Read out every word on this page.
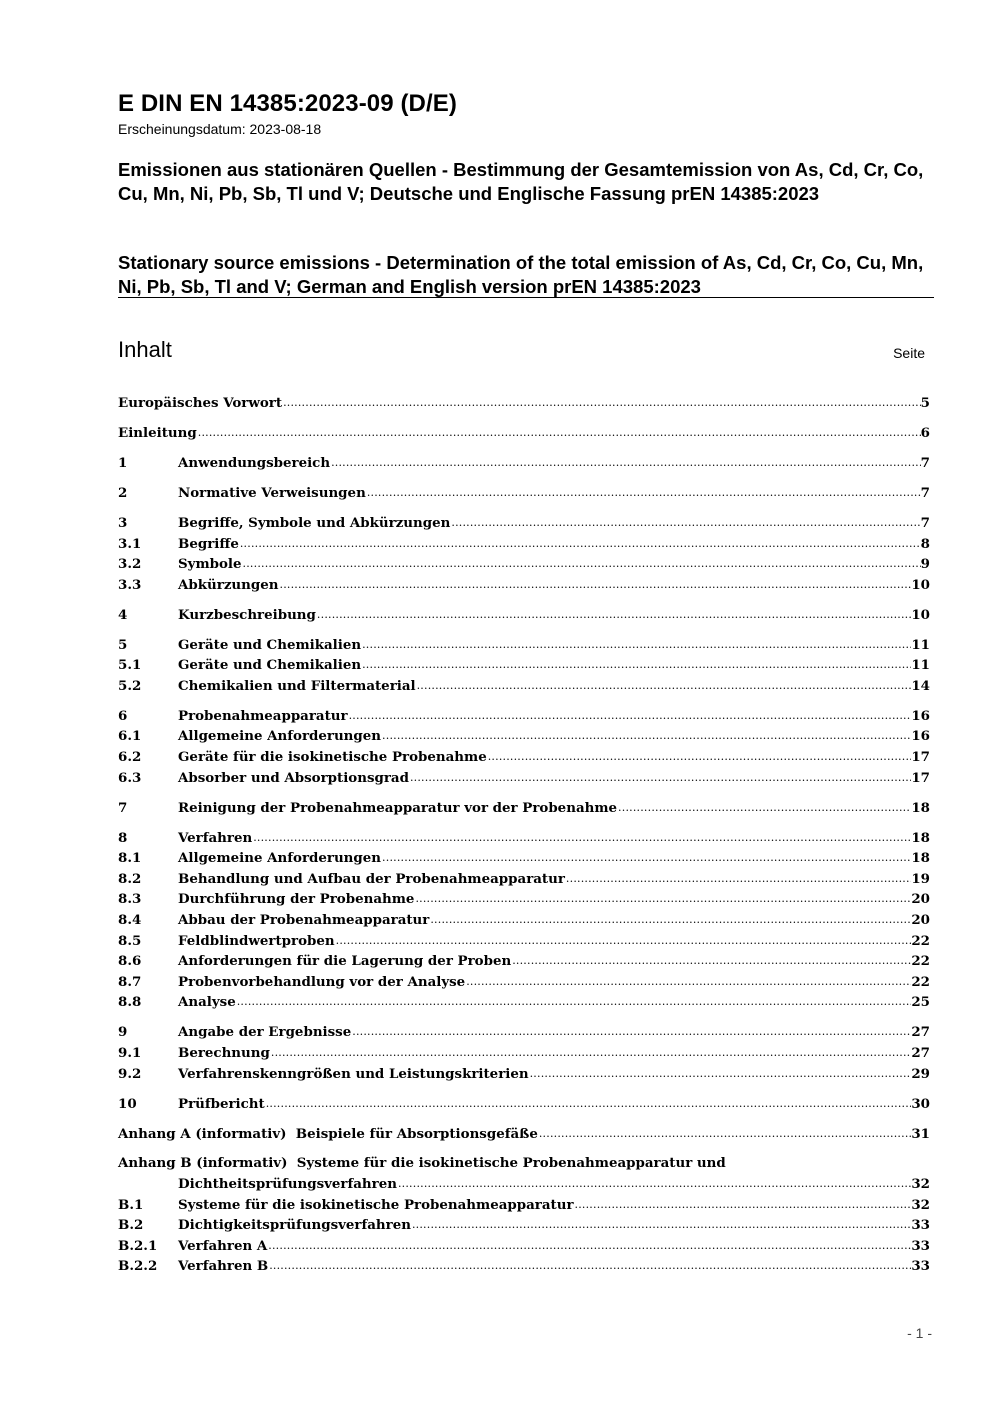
E DIN EN 14385:2023-09 (D/E)
Erscheinungsdatum: 2023-08-18
Emissionen aus stationären Quellen - Bestimmung der Gesamtemission von As, Cd, Cr, Co, Cu, Mn, Ni, Pb, Sb, Tl und V; Deutsche und Englische Fassung prEN 14385:2023
Stationary source emissions - Determination of the total emission of As, Cd, Cr, Co, Cu, Mn, Ni, Pb, Sb, Tl and V; German and English version prEN 14385:2023
Inhalt	Seite
Europäisches Vorwort .....	5
Einleitung .....	6
1	Anwendungsbereich .....	7
2	Normative Verweisungen .....	7
3	Begriffe, Symbole und Abkürzungen .....	7
3.1	Begriffe .....	8
3.2	Symbole .....	9
3.3	Abkürzungen .....	10
4	Kurzbeschreibung .....	10
5	Geräte und Chemikalien .....	11
5.1	Geräte und Chemikalien .....	11
5.2	Chemikalien und Filtermaterial .....	14
6	Probenahmeapparatur .....	16
6.1	Allgemeine Anforderungen .....	16
6.2	Geräte für die isokinetische Probenahme .....	17
6.3	Absorber und Absorptionsgrad .....	17
7	Reinigung der Probenahmeapparatur vor der Probenahme .....	18
8	Verfahren .....	18
8.1	Allgemeine Anforderungen .....	18
8.2	Behandlung und Aufbau der Probenahmeapparatur .....	19
8.3	Durchführung der Probenahme .....	20
8.4	Abbau der Probenahmeapparatur .....	20
8.5	Feldblindwertproben .....	22
8.6	Anforderungen für die Lagerung der Proben .....	22
8.7	Probenvorbehandlung vor der Analyse .....	22
8.8	Analyse .....	25
9	Angabe der Ergebnisse .....	27
9.1	Berechnung .....	27
9.2	Verfahrenskenngrößen und Leistungskriterien .....	29
10	Prüfbericht .....	30
Anhang A (informativ)  Beispiele für Absorptionsgefäße .....	31
Anhang B (informativ)  Systeme für die isokinetische Probenahmeapparatur und
Dichtheitsprüfungsverfahren .....	32
B.1	Systeme für die isokinetische Probenahmeapparatur .....	32
B.2	Dichtigkeitsprüfungsverfahren .....	33
B.2.1 Verfahren A .....	33
B.2.2 Verfahren B .....	33
- 1 -
